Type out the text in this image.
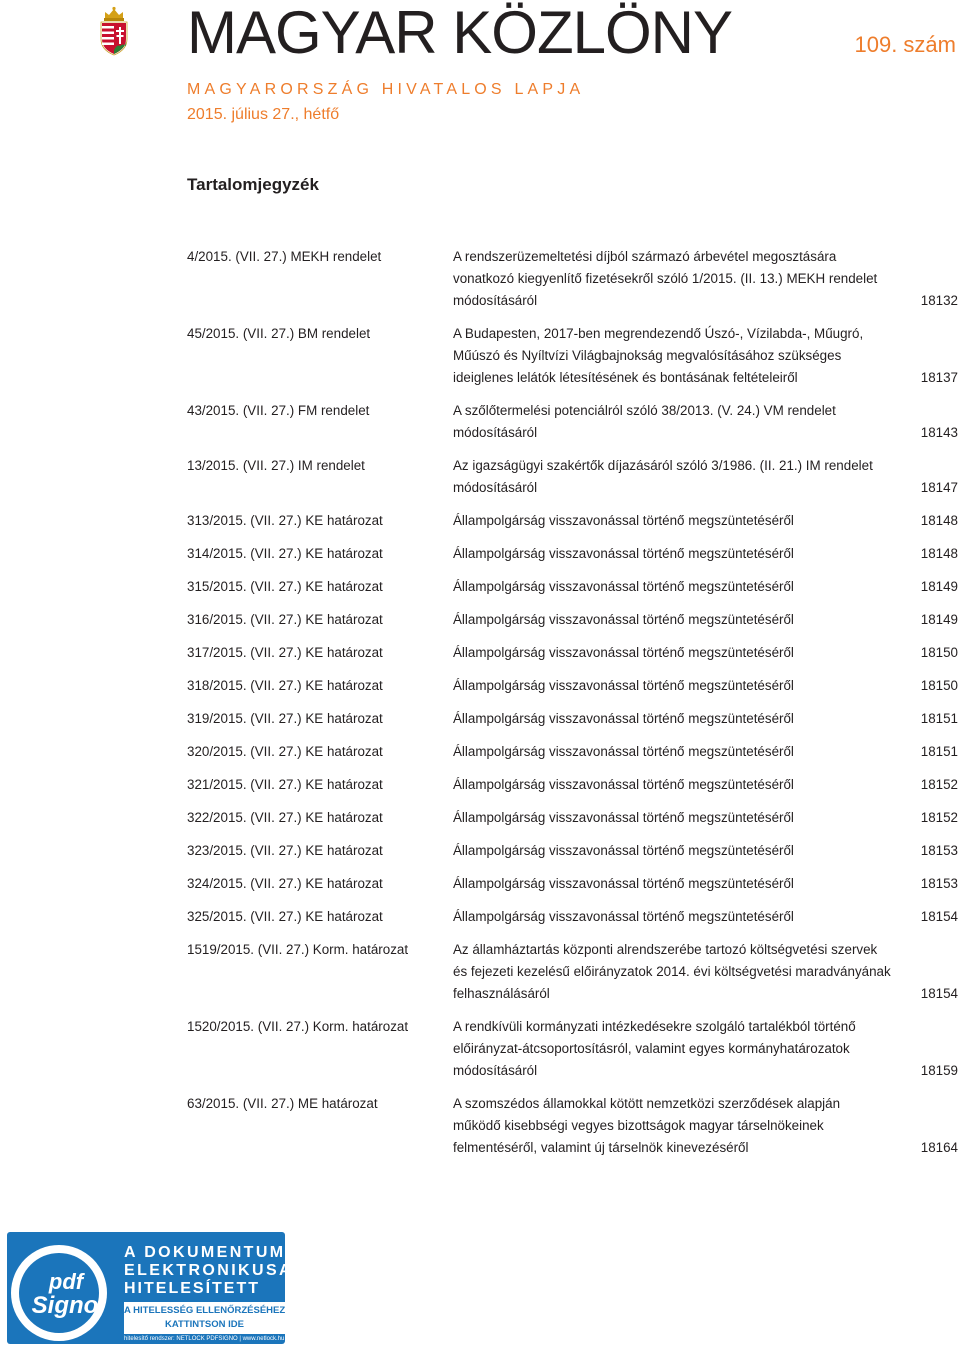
MAGYAR KÖZLÖNY	109. szám
MAGYARORSZÁG HIVATALOS LAPJA
2015. július 27., hétfő
Tartalomjegyzék
4/2015. (VII. 27.) MEKH rendelet	A rendszerüzemeltetési díjból származó árbevétel megosztására
vonatkozó kiegyenlítő fizetésekről szóló 1/2015. (II. 13.) MEKH rendelet
módosításáról	18132
45/2015. (VII. 27.) BM rendelet	A Budapesten, 2017-ben megrendezendő Úszó-, Vízilabda-, Műugró,
Műúszó és Nyíltvízi Világbajnokság megvalósításához szükséges
ideiglenes lelátók létesítésének és bontásának feltételeiről	18137
43/2015. (VII. 27.) FM rendelet	A szőlőtermelési potenciálról szóló 38/2013. (V. 24.) VM rendelet
módosításáról	18143
13/2015. (VII. 27.) IM rendelet	Az igazságügyi szakértők díjazásáról szóló 3/1986. (II. 21.) IM rendelet
módosításáról	18147
313/2015. (VII. 27.) KE határozat	Állampolgárság visszavonással történő megszüntetéséről	18148
314/2015. (VII. 27.) KE határozat	Állampolgárság visszavonással történő megszüntetéséről	18148
315/2015. (VII. 27.) KE határozat	Állampolgárság visszavonással történő megszüntetéséről	18149
316/2015. (VII. 27.) KE határozat	Állampolgárság visszavonással történő megszüntetéséről	18149
317/2015. (VII. 27.) KE határozat	Állampolgárság visszavonással történő megszüntetéséről	18150
318/2015. (VII. 27.) KE határozat	Állampolgárság visszavonással történő megszüntetéséről	18150
319/2015. (VII. 27.) KE határozat	Állampolgárság visszavonással történő megszüntetéséről	18151
320/2015. (VII. 27.) KE határozat	Állampolgárság visszavonással történő megszüntetéséről	18151
321/2015. (VII. 27.) KE határozat	Állampolgárság visszavonással történő megszüntetéséről	18152
322/2015. (VII. 27.) KE határozat	Állampolgárság visszavonással történő megszüntetéséről	18152
323/2015. (VII. 27.) KE határozat	Állampolgárság visszavonással történő megszüntetéséről	18153
324/2015. (VII. 27.) KE határozat	Állampolgárság visszavonással történő megszüntetéséről	18153
325/2015. (VII. 27.) KE határozat	Állampolgárság visszavonással történő megszüntetéséről	18154
1519/2015. (VII. 27.) Korm. határozat	Az államháztartás központi alrendszerébe tartozó költségvetési szervek
és fejezeti kezelésű előirányzatok 2014. évi költségvetési maradványának
felhasználásáról	18154
1520/2015. (VII. 27.) Korm. határozat	A rendkívüli kormányzati intézkedésekre szolgáló tartalékból történő
előirányzat-átcsoportosításról, valamint egyes kormányhatározatok
módosításáról	18159
63/2015. (VII. 27.) ME határozat	A szomszédos államokkal kötött nemzetközi szerződések alapján
működő kisebbségi vegyes bizottságok magyar társelnökeinek
felmentéséről, valamint új társelnök kinevezéséről	18164
pdf
Signo
A DOKUMENTUM
ELEKTRONIKUSAN
HITELESÍTETT
A HITELESSÉG ELLENŐRZÉSÉHEZ
KATTINTSON IDE
hitelesítő rendszer: NETLOCK PDFSIGNO | www.netlock.hu
